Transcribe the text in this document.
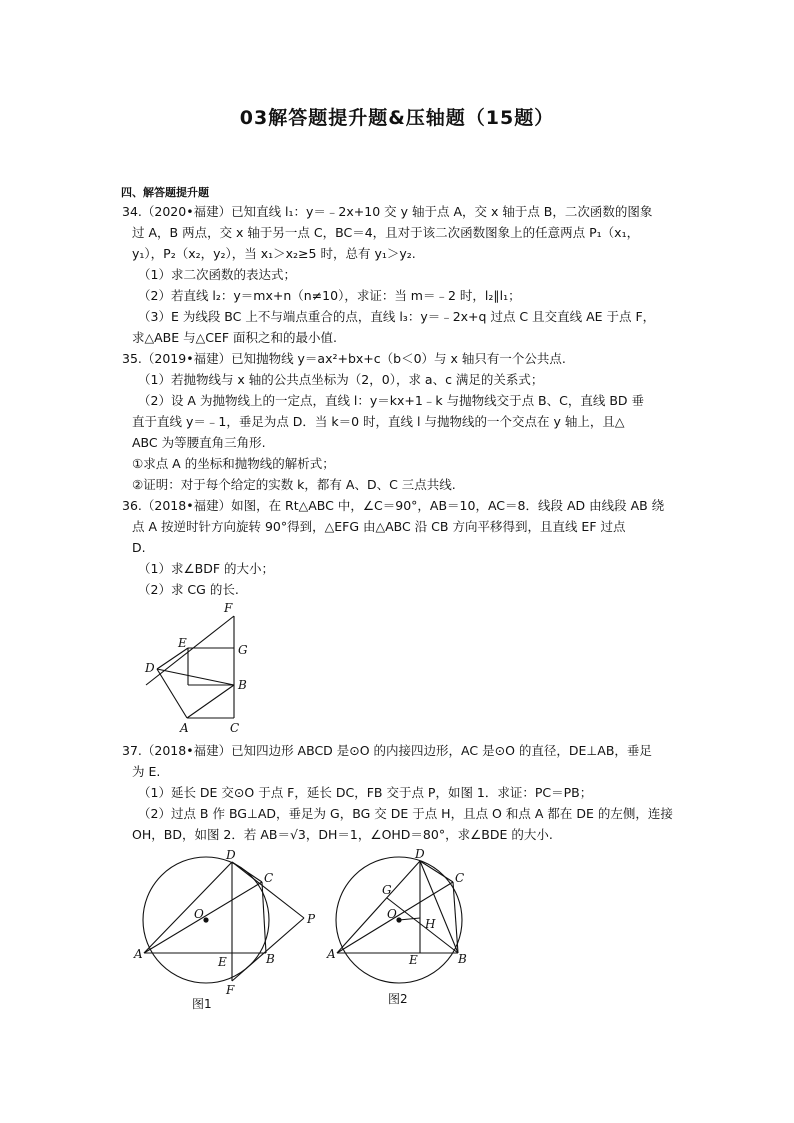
03解答题提升题&压轴题（15题）
四、解答题提升题
34.（2020•福建）已知直线 l₁：y＝﹣2x+10 交 y 轴于点 A，交 x 轴于点 B，二次函数的图象
过 A，B 两点，交 x 轴于另一点 C，BC＝4，且对于该二次函数图象上的任意两点 P₁（x₁，
y₁），P₂（x₂，y₂），当 x₁＞x₂≥5 时，总有 y₁＞y₂.
（1）求二次函数的表达式；
（2）若直线 l₂：y＝mx+n（n≠10），求证：当 m＝﹣2 时，l₂∥l₁；
（3）E 为线段 BC 上不与端点重合的点，直线 l₃：y＝﹣2x+q 过点 C 且交直线 AE 于点 F，
求△ABE 与△CEF 面积之和的最小值.
35.（2019•福建）已知抛物线 y＝ax²+bx+c（b＜0）与 x 轴只有一个公共点.
（1）若抛物线与 x 轴的公共点坐标为（2，0），求 a、c 满足的关系式；
（2）设 A 为抛物线上的一定点，直线 l：y＝kx+1﹣k 与抛物线交于点 B、C，直线 BD 垂
直于直线 y＝﹣1，垂足为点 D．当 k＝0 时，直线 l 与抛物线的一个交点在 y 轴上，且△
ABC 为等腰直角三角形.
①求点 A 的坐标和抛物线的解析式；
②证明：对于每个给定的实数 k，都有 A、D、C 三点共线.
36.（2018•福建）如图，在 Rt△ABC 中，∠C＝90°，AB＝10，AC＝8．线段 AD 由线段 AB 绕
点 A 按逆时针方向旋转 90°得到，△EFG 由△ABC 沿 CB 方向平移得到，且直线 EF 过点
D.
（1）求∠BDF 的大小；
（2）求 CG 的长.
F
E	G
D
B
A	C
37.（2018•福建）已知四边形 ABCD 是⊙O 的内接四边形，AC 是⊙O 的直径，DE⊥AB，垂足
为 E.
（1）延长 DE 交⊙O 于点 F，延长 DC，FB 交于点 P，如图 1．求证：PC＝PB；
（2）过点 B 作 BG⊥AD，垂足为 G，BG 交 DE 于点 H，且点 O 和点 A 都在 DE 的左侧，连接
OH，BD，如图 2．若 AB＝√3，DH＝1，∠OHD＝80°，求∠BDE 的大小.
D
C
O	P
A
E	B
F
图1
D
C
G
O
H
A	E	B
图2
